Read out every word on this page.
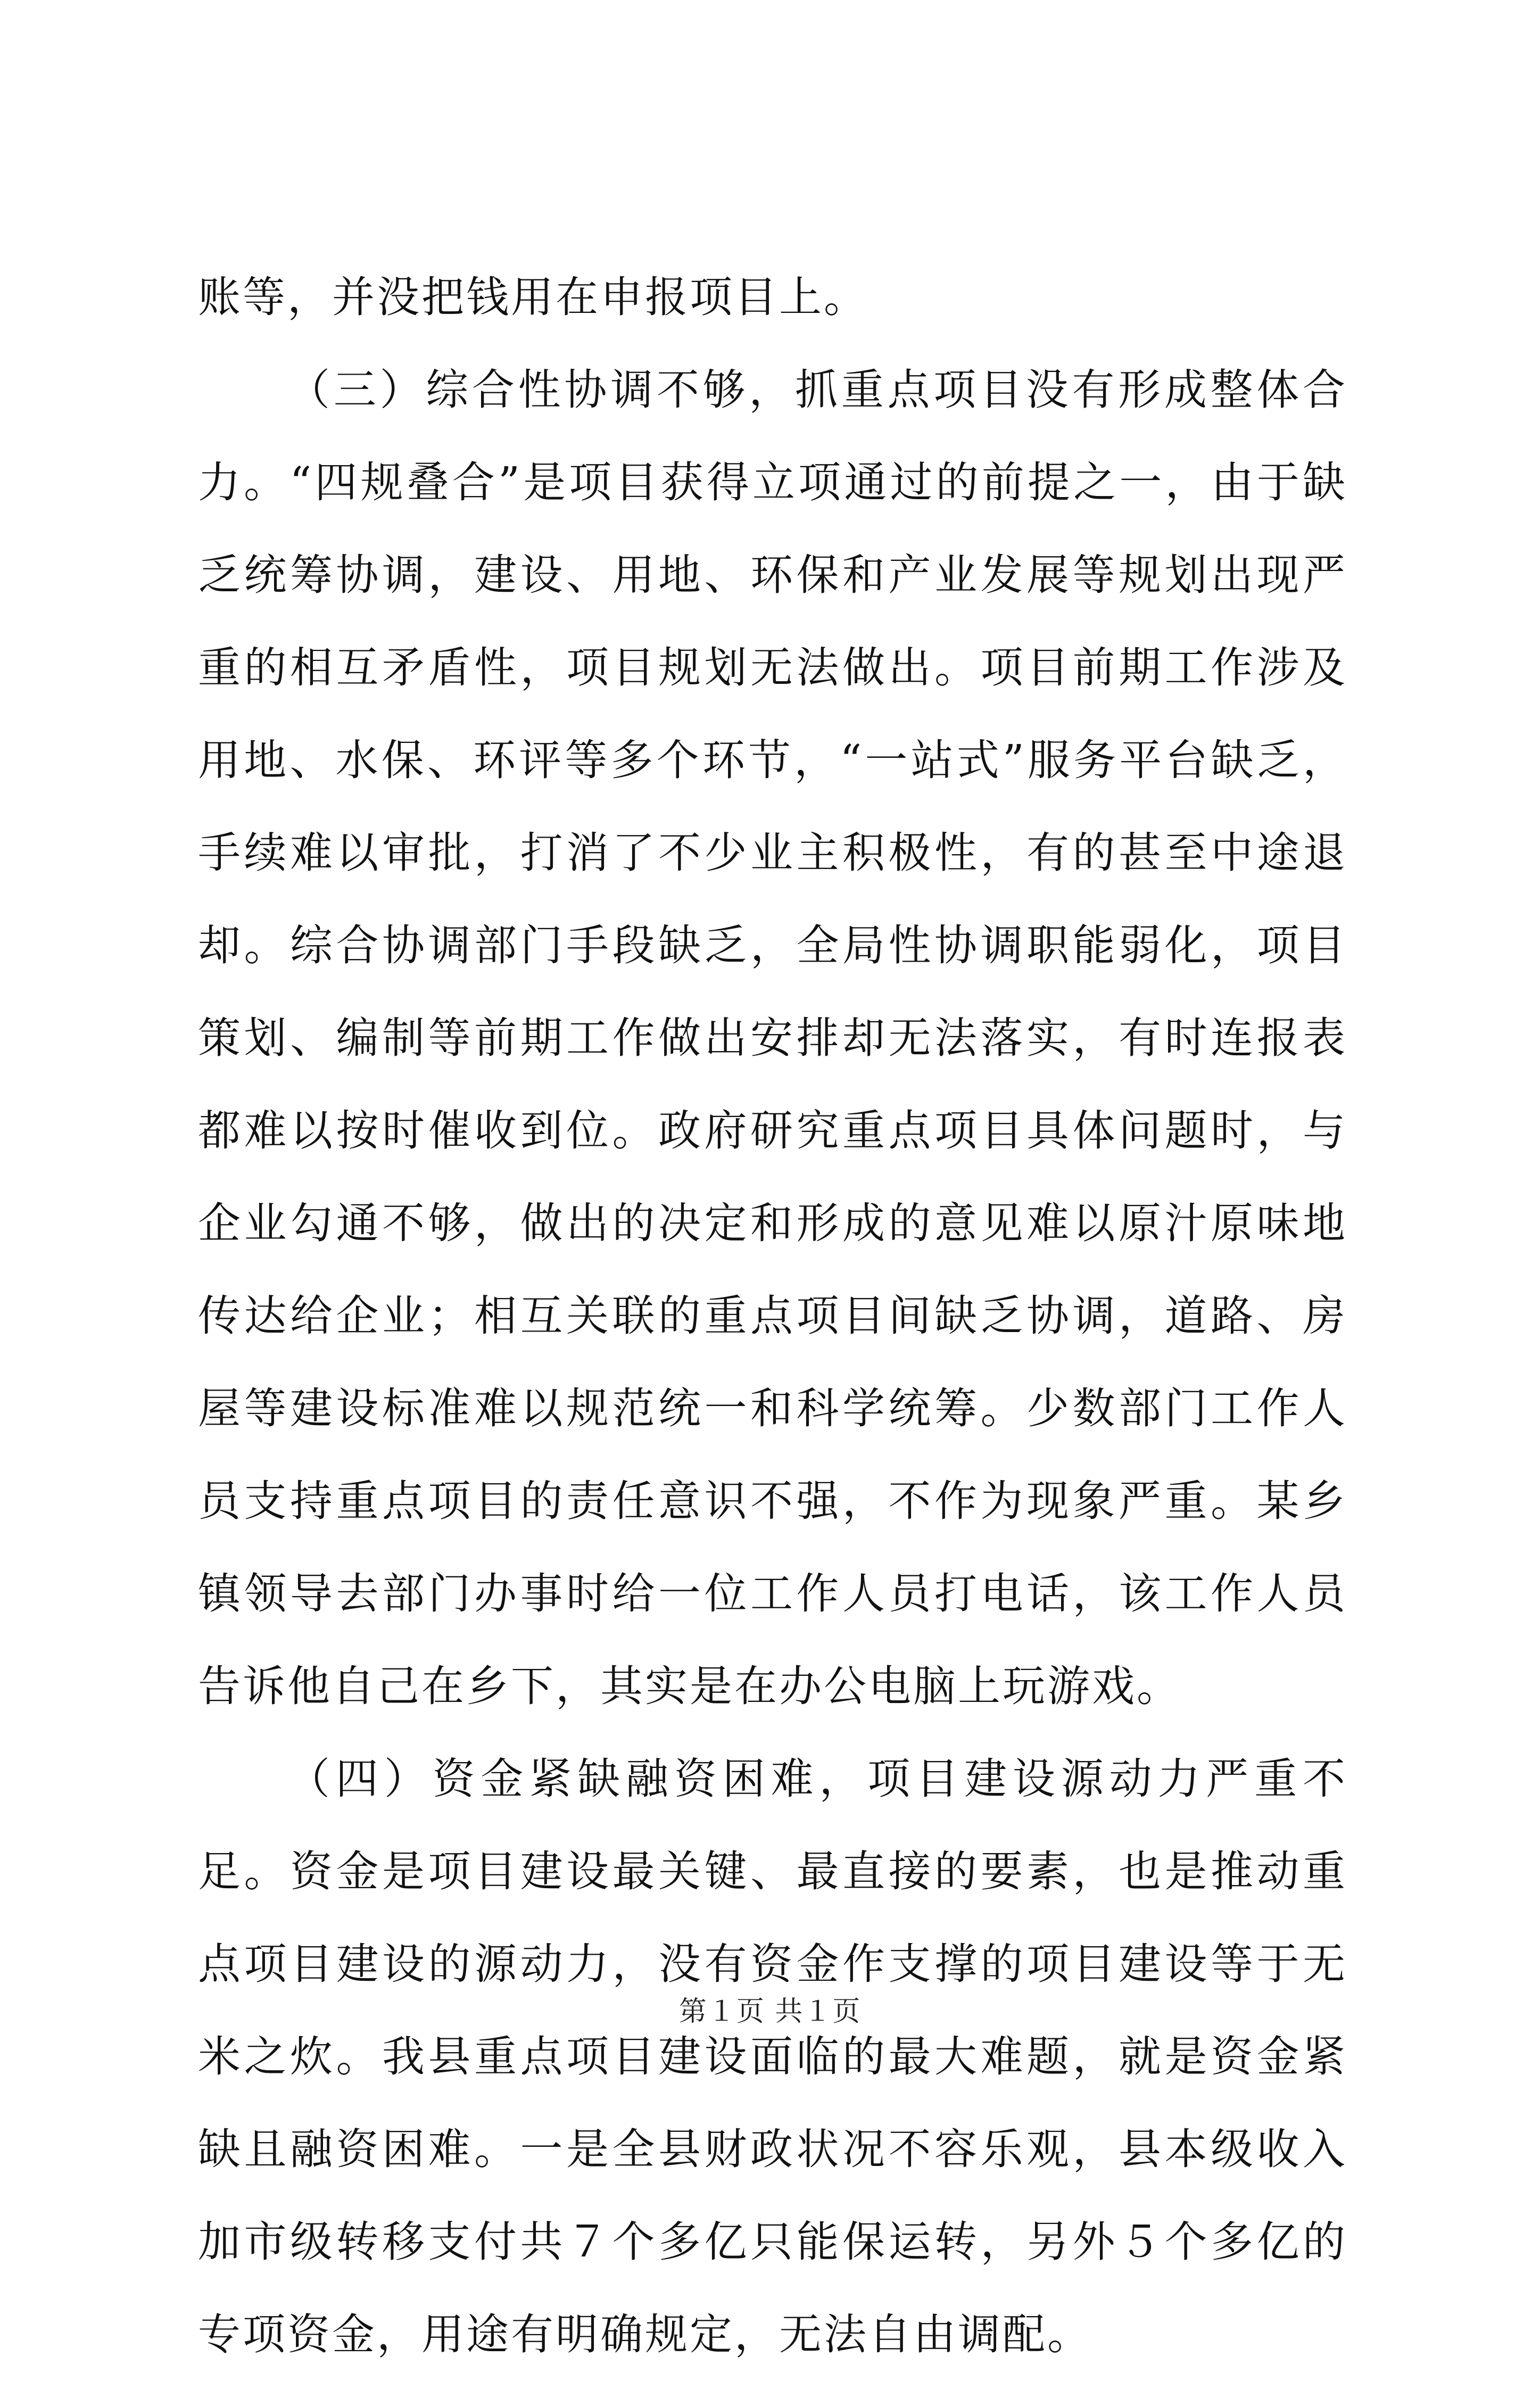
账等，并没把钱用在申报项目上。

（三）综合性协调不够，抓重点项目没有形成整体合力。“四规叠合”是项目获得立项通过的前提之一，由于缺乏统筹协调，建设、用地、环保和产业发展等规划出现严重的相互矛盾性，项目规划无法做出。项目前期工作涉及用地、水保、环评等多个环节，“一站式”服务平台缺乏，手续难以审批，打消了不少业主积极性，有的甚至中途退却。综合协调部门手段缺乏，全局性协调职能弱化，项目策划、编制等前期工作做出安排却无法落实，有时连报表都难以按时催收到位。政府研究重点项目具体问题时，与企业勾通不够，做出的决定和形成的意见难以原汁原味地传达给企业；相互关联的重点项目间缺乏协调，道路、房屋等建设标准难以规范统一和科学统筹。少数部门工作人员支持重点项目的责任意识不强，不作为现象严重。某乡镇领导去部门办事时给一位工作人员打电话，该工作人员告诉他自己在乡下，其实是在办公电脑上玩游戏。

（四）资金紧缺融资困难，项目建设源动力严重不足。资金是项目建设最关键、最直接的要素，也是推动重点项目建设的源动力，没有资金作支撑的项目建设等于无米之炊。我县重点项目建设面临的最大难题，就是资金紧缺且融资困难。一是全县财政状况不容乐观，县本级收入加市级转移支付共７个多亿只能保运转，另外５个多亿的专项资金，用途有明确规定，无法自由调配。

第１页 共１页
